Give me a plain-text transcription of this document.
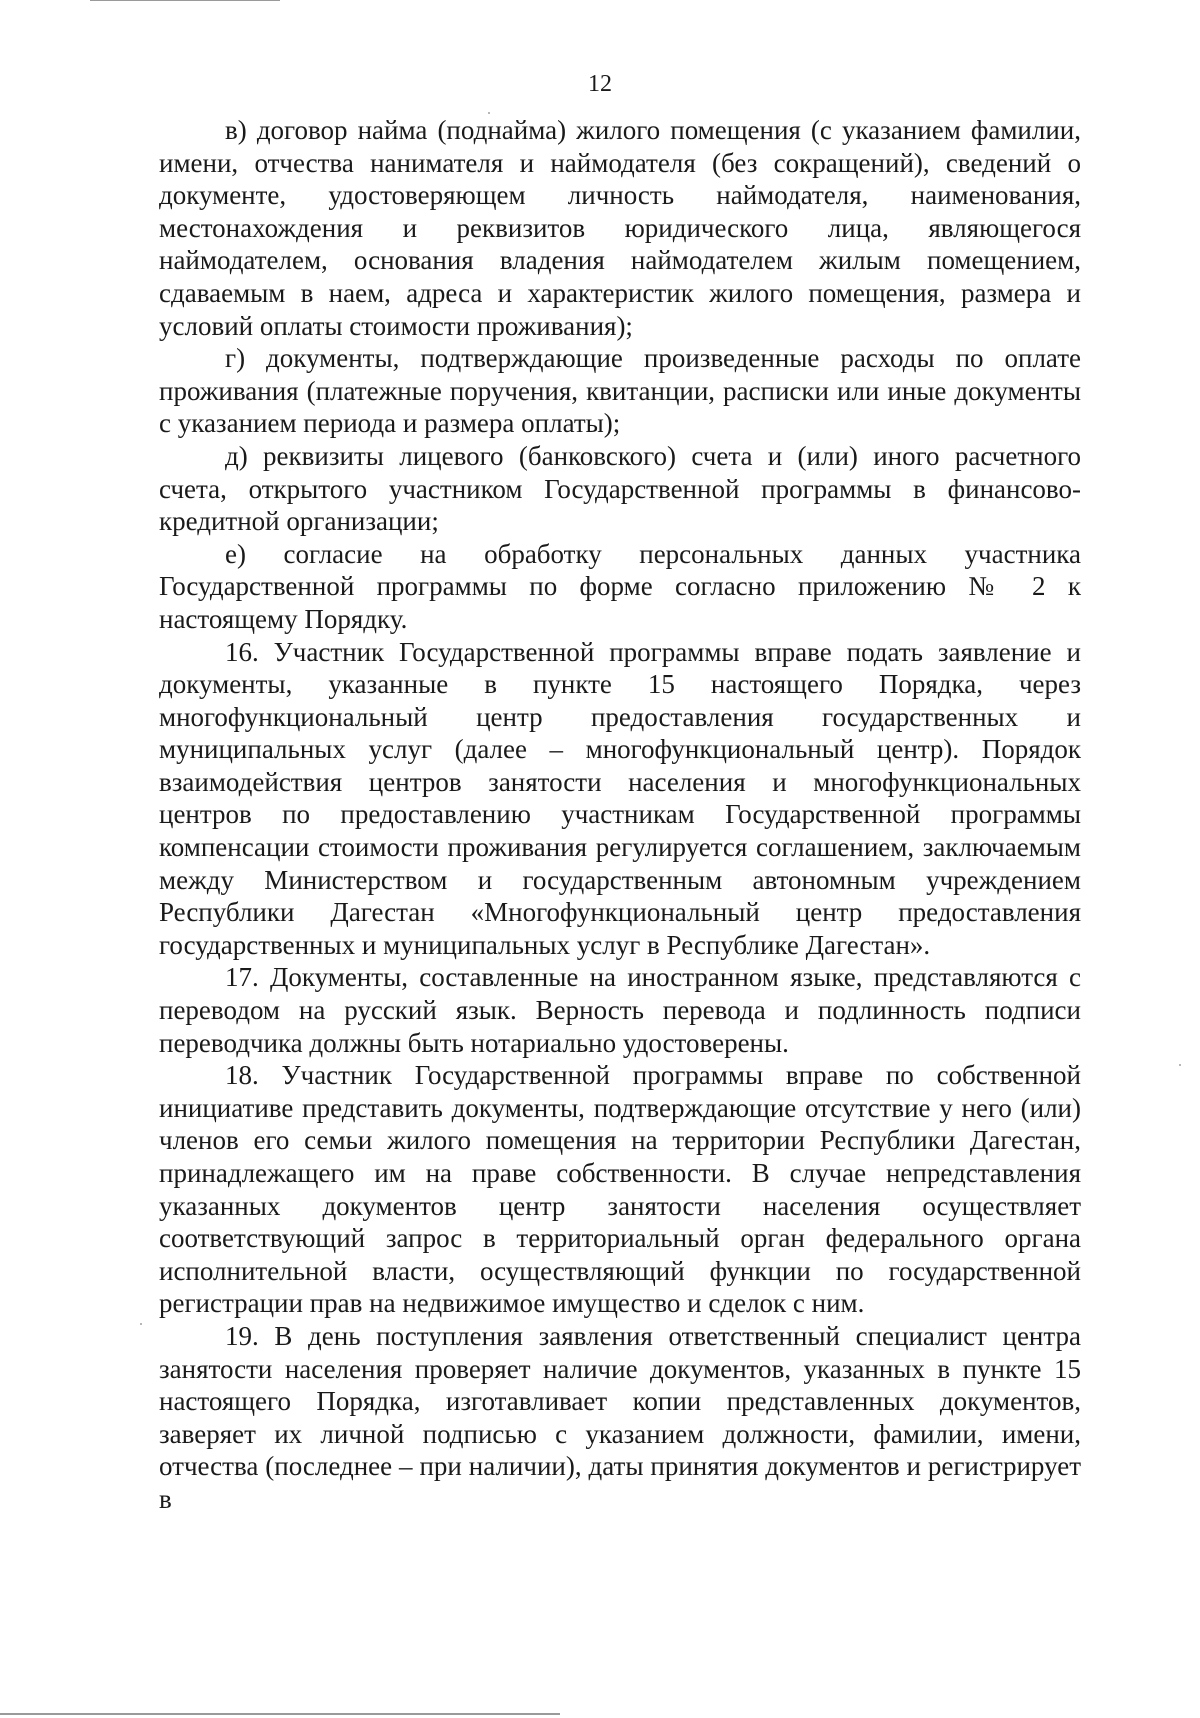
12

в) договор найма (поднайма) жилого помещения (с указанием фамилии, имени, отчества нанимателя и наймодателя (без сокращений), сведений о документе, удостоверяющем личность наймодателя, наименования, местонахождения и реквизитов юридического лица, являющегося наймодателем, основания владения наймодателем жилым помещением, сдаваемым в наем, адреса и характеристик жилого помещения, размера и условий оплаты стоимости проживания);

г) документы, подтверждающие произведенные расходы по оплате проживания (платежные поручения, квитанции, расписки или иные документы с указанием периода и размера оплаты);

д) реквизиты лицевого (банковского) счета и (или) иного расчетного счета, открытого участником Государственной программы в финансово-кредитной организации;

е) согласие на обработку персональных данных участника Государственной программы по форме согласно приложению № 2 к настоящему Порядку.

16. Участник Государственной программы вправе подать заявление и документы, указанные в пункте 15 настоящего Порядка, через многофункциональный центр предоставления государственных и муниципальных услуг (далее – многофункциональный центр). Порядок взаимодействия центров занятости населения и многофункциональных центров по предоставлению участникам Государственной программы компенсации стоимости проживания регулируется соглашением, заключаемым между Министерством и государственным автономным учреждением Республики Дагестан «Многофункциональный центр предоставления государственных и муниципальных услуг в Республике Дагестан».

17. Документы, составленные на иностранном языке, представляются с переводом на русский язык. Верность перевода и подлинность подписи переводчика должны быть нотариально удостоверены.

18. Участник Государственной программы вправе по собственной инициативе представить документы, подтверждающие отсутствие у него (или) членов его семьи жилого помещения на территории Республики Дагестан, принадлежащего им на праве собственности. В случае непредставления указанных документов центр занятости населения осуществляет соответствующий запрос в территориальный орган федерального органа исполнительной власти, осуществляющий функции по государственной регистрации прав на недвижимое имущество и сделок с ним.

19. В день поступления заявления ответственный специалист центра занятости населения проверяет наличие документов, указанных в пункте 15 настоящего Порядка, изготавливает копии представленных документов, заверяет их личной подписью с указанием должности, фамилии, имени, отчества (последнее – при наличии), даты принятия документов и регистрирует в
